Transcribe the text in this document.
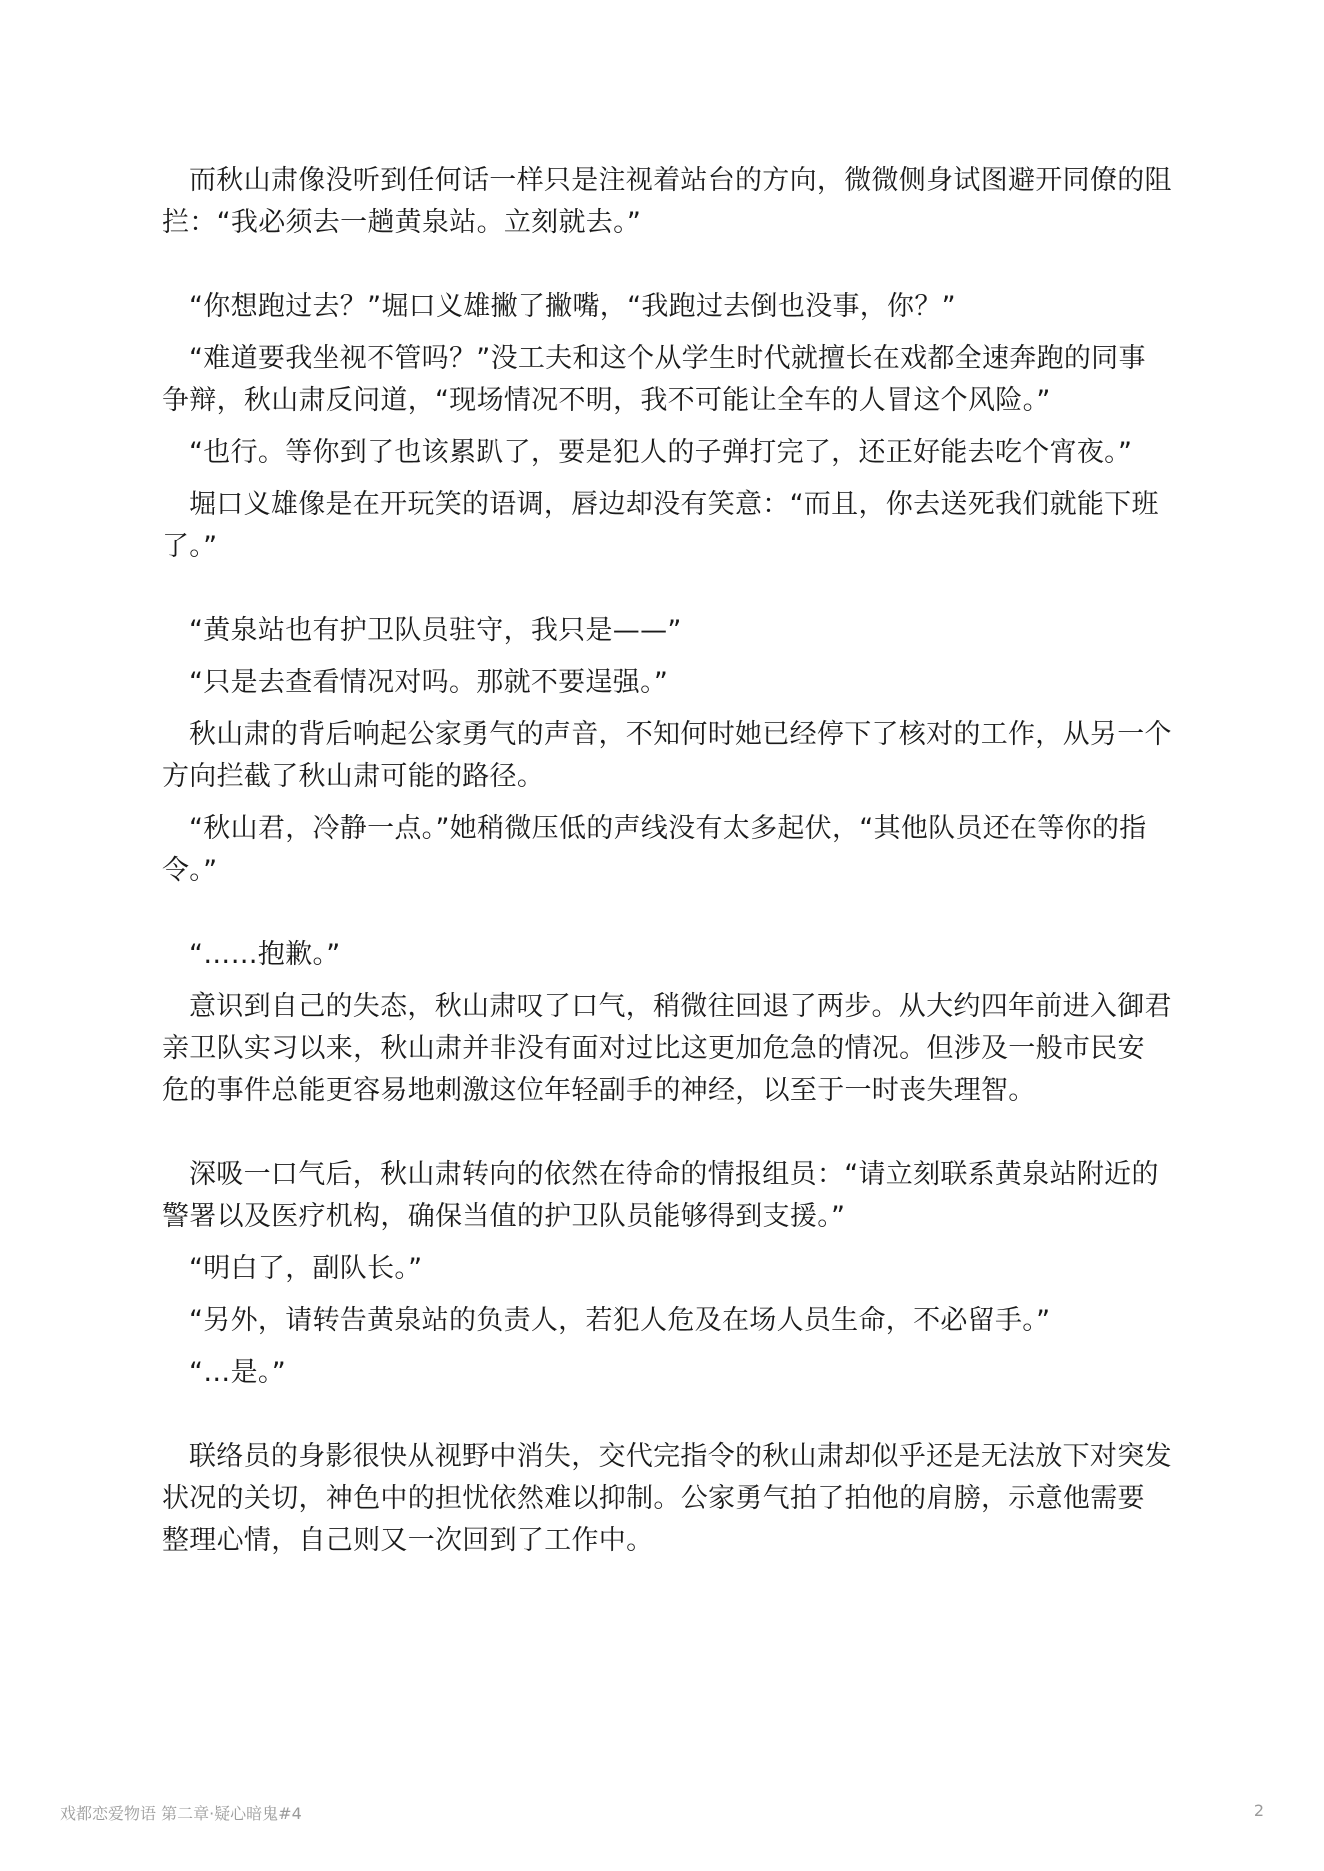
而秋山肃像没听到任何话一样只是注视着站台的方向，微微侧身试图避开同僚的阻拦：“我必须去一趟黄泉站。立刻就去。”

“你想跑过去？”堀口义雄撇了撇嘴，“我跑过去倒也没事，你？”

“难道要我坐视不管吗？”没工夫和这个从学生时代就擅长在戏都全速奔跑的同事争辩，秋山肃反问道，“现场情况不明，我不可能让全车的人冒这个风险。”

“也行。等你到了也该累趴了，要是犯人的子弹打完了，还正好能去吃个宵夜。”

堀口义雄像是在开玩笑的语调，唇边却没有笑意：“而且，你去送死我们就能下班了。”

“黄泉站也有护卫队员驻守，我只是——”

“只是去查看情况对吗。那就不要逞强。”

秋山肃的背后响起公家勇气的声音，不知何时她已经停下了核对的工作，从另一个方向拦截了秋山肃可能的路径。

“秋山君，冷静一点。”她稍微压低的声线没有太多起伏，“其他队员还在等你的指令。”

“……抱歉。”

意识到自己的失态，秋山肃叹了口气，稍微往回退了两步。从大约四年前进入御君亲卫队实习以来，秋山肃并非没有面对过比这更加危急的情况。但涉及一般市民安危的事件总能更容易地刺激这位年轻副手的神经，以至于一时丧失理智。

深吸一口气后，秋山肃转向的依然在待命的情报组员：“请立刻联系黄泉站附近的警署以及医疗机构，确保当值的护卫队员能够得到支援。”

“明白了，副队长。”

“另外，请转告黄泉站的负责人，若犯人危及在场人员生命，不必留手。”

“…是。”

联络员的身影很快从视野中消失，交代完指令的秋山肃却似乎还是无法放下对突发状况的关切，神色中的担忧依然难以抑制。公家勇气拍了拍他的肩膀，示意他需要整理心情，自己则又一次回到了工作中。

戏都恋爱物语 第二章·疑心暗鬼#4	2
